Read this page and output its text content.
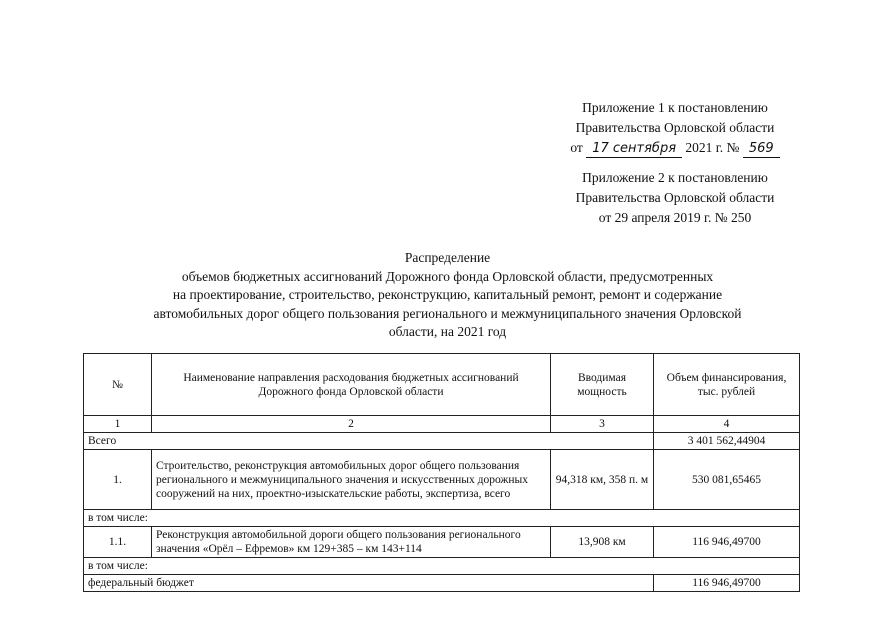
Приложение 1 к постановлению
Правительства Орловской области
от 17 сентября 2021 г. № 569
Приложение 2 к постановлению
Правительства Орловской области
от 29 апреля 2019 г. № 250
Распределение
объемов бюджетных ассигнований Дорожного фонда Орловской области, предусмотренных
на проектирование, строительство, реконструкцию, капитальный ремонт, ремонт и содержание
автомобильных дорог общего пользования регионального и межмуниципального значения Орловской
области, на 2021 год
№	Наименование направления расходования бюджетных ассигнований Дорожного фонда Орловской области	Вводимая мощность	Объем финансирования, тыс. рублей
1	2	3	4
Всего			3 401 562,44904
1.	Строительство, реконструкция автомобильных дорог общего пользования регионального и межмуниципального значения и искусственных дорожных сооружений на них, проектно-изыскательские работы, экспертиза, всего	94,318 км, 358 п. м	530 081,65465
в том числе:			
1.1.	Реконструкция автомобильной дороги общего пользования регионального значения «Орёл – Ефремов» км 129+385 – км 143+114	13,908 км	116 946,49700
в том числе:			
федеральный бюджет			116 946,49700
